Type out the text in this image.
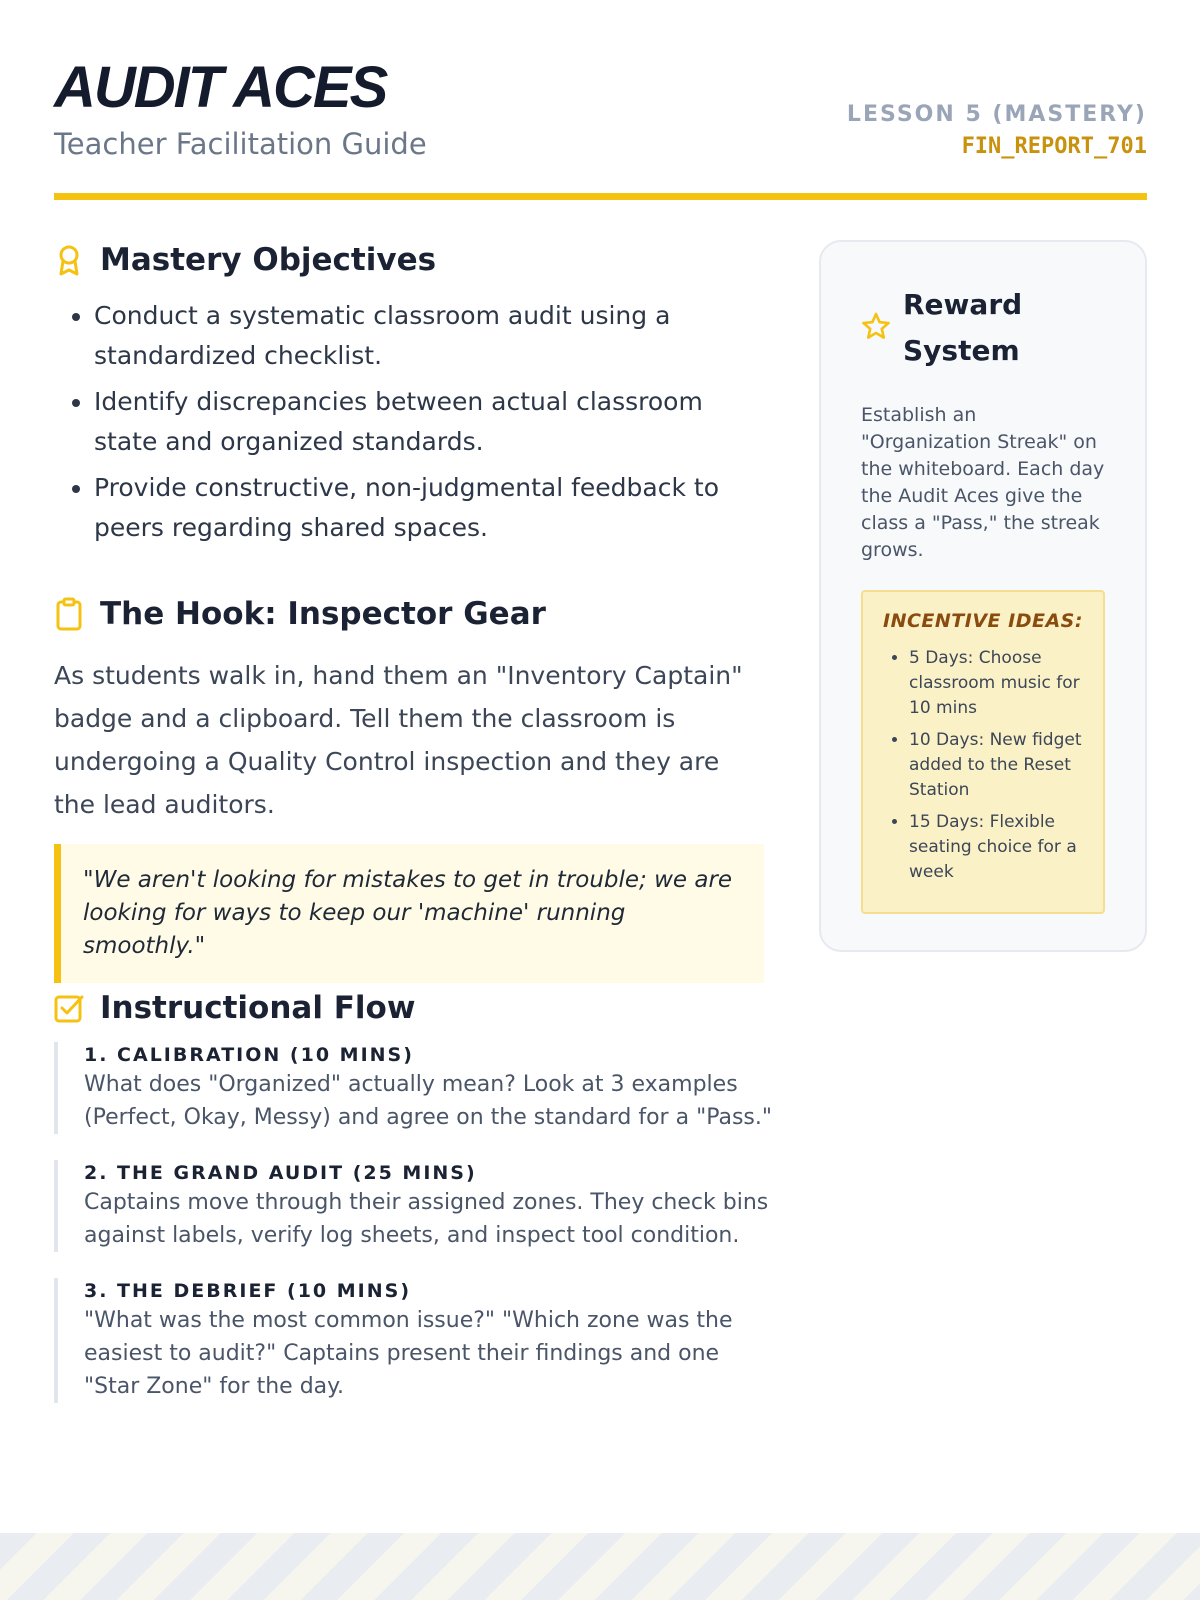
AUDIT ACES
Teacher Facilitation Guide
LESSON 5 (MASTERY)
FIN_REPORT_701
Mastery Objectives
• Conduct a systematic classroom audit using a standardized checklist.
• Identify discrepancies between actual classroom state and organized standards.
• Provide constructive, non-judgmental feedback to peers regarding shared spaces.
The Hook: Inspector Gear

As students walk in, hand them an "Inventory Captain" badge and a clipboard. Tell them the classroom is undergoing a Quality Control inspection and they are the lead auditors.

"We aren't looking for mistakes to get in trouble; we are looking for ways to keep our 'machine' running smoothly."
Instructional Flow
1. CALIBRATION (10 MINS)
What does "Organized" actually mean? Look at 3 examples (Perfect, Okay, Messy) and agree on the standard for a "Pass."
2. THE GRAND AUDIT (25 MINS)
Captains move through their assigned zones. They check bins against labels, verify log sheets, and inspect tool condition.
3. THE DEBRIEF (10 MINS)
"What was the most common issue?" "Which zone was the easiest to audit?" Captains present their findings and one "Star Zone" for the day.
Reward System

Establish an "Organization Streak" on the whiteboard. Each day the Audit Aces give the class a "Pass," the streak grows.

INCENTIVE IDEAS:
• 5 Days: Choose classroom music for 10 mins
• 10 Days: New fidget added to the Reset Station
• 15 Days: Flexible seating choice for a week
